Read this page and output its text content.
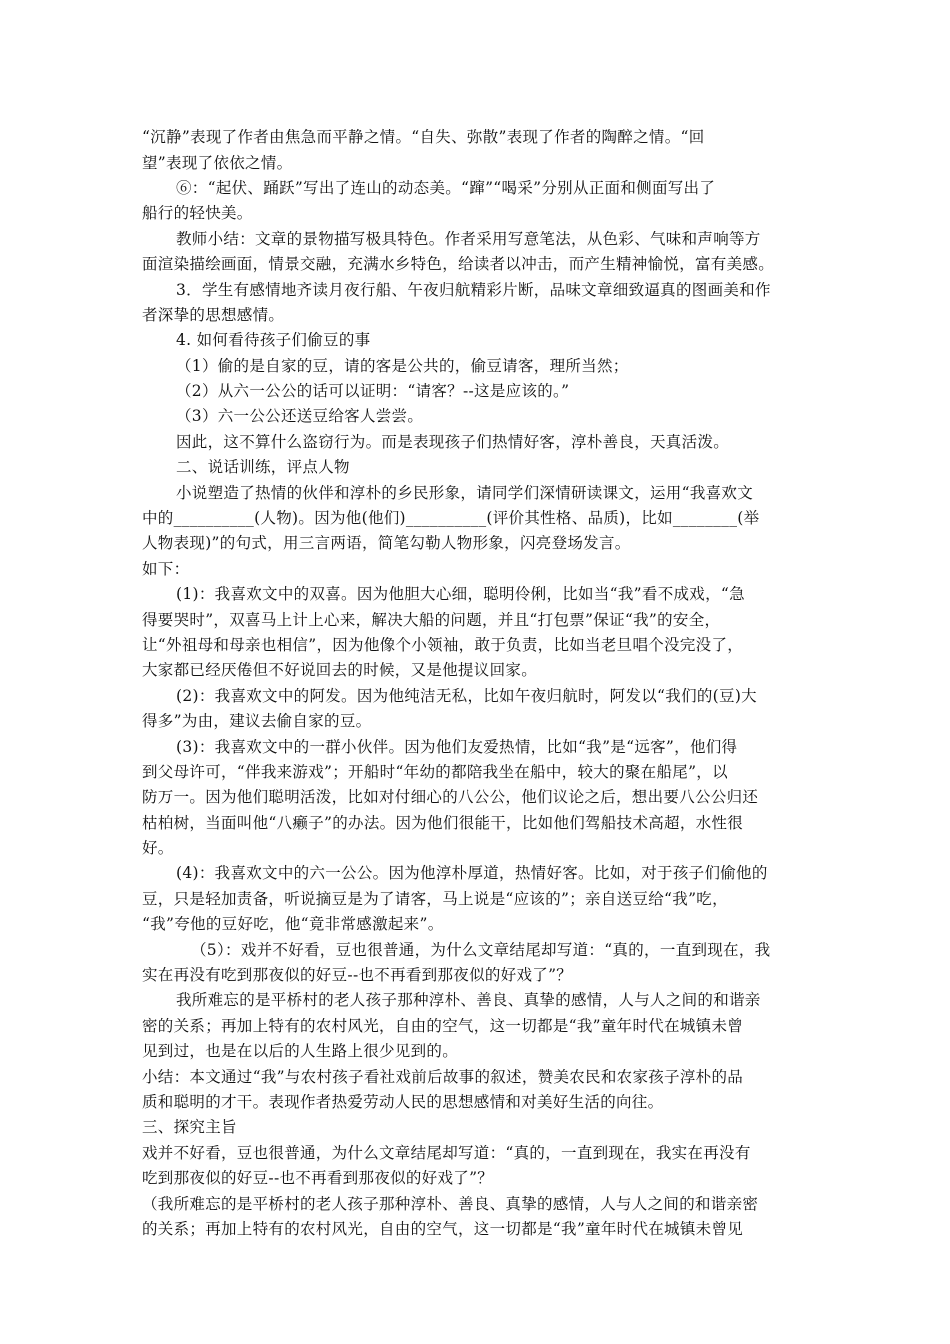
“沉静”表现了作者由焦急而平静之情。“自失、弥散”表现了作者的陶醉之情。“回
望”表现了依依之情。
⑥：“起伏、踊跃”写出了连山的动态美。“蹿”“喝采”分别从正面和侧面写出了
船行的轻快美。
教师小结：文章的景物描写极具特色。作者采用写意笔法，从色彩、气味和声响等方
面渲染描绘画面，情景交融，充满水乡特色，给读者以冲击，而产生精神愉悦，富有美感。
3．学生有感情地齐读月夜行船、午夜归航精彩片断，品味文章细致逼真的图画美和作
者深挚的思想感情。
4. 如何看待孩子们偷豆的事
（1）偷的是自家的豆，请的客是公共的，偷豆请客，理所当然；
（2）从六一公公的话可以证明：“请客？--这是应该的。”
（3）六一公公还送豆给客人尝尝。
因此，这不算什么盗窃行为。而是表现孩子们热情好客，淳朴善良，天真活泼。
二、说话训练，评点人物
小说塑造了热情的伙伴和淳朴的乡民形象，请同学们深情研读课文，运用“我喜欢文
中的__________(人物)。因为他(他们)__________(评价其性格、品质)，比如________(举
人物表现)”的句式，用三言两语，简笔勾勒人物形象，闪亮登场发言。
如下：
(1)：我喜欢文中的双喜。因为他胆大心细，聪明伶俐，比如当“我”看不成戏，“急
得要哭时”，双喜马上计上心来，解决大船的问题，并且“打包票”保证“我”的安全，
让“外祖母和母亲也相信”，因为他像个小领袖，敢于负责，比如当老旦唱个没完没了，
大家都已经厌倦但不好说回去的时候，又是他提议回家。
(2)：我喜欢文中的阿发。因为他纯洁无私，比如午夜归航时，阿发以“我们的(豆)大
得多”为由，建议去偷自家的豆。
(3)：我喜欢文中的一群小伙伴。因为他们友爱热情，比如“我”是“远客”，他们得
到父母许可，“伴我来游戏”；开船时“年幼的都陪我坐在船中，较大的聚在船尾”，以
防万一。因为他们聪明活泼，比如对付细心的八公公，他们议论之后，想出要八公公归还
枯柏树，当面叫他“八癞子”的办法。因为他们很能干，比如他们驾船技术高超，水性很
好。
(4)：我喜欢文中的六一公公。因为他淳朴厚道，热情好客。比如，对于孩子们偷他的
豆，只是轻加责备，听说摘豆是为了请客，马上说是“应该的”；亲自送豆给“我”吃，
“我”夸他的豆好吃，他“竟非常感激起来”。
（5）：戏并不好看，豆也很普通，为什么文章结尾却写道：“真的，一直到现在，我
实在再没有吃到那夜似的好豆--也不再看到那夜似的好戏了”？
我所难忘的是平桥村的老人孩子那种淳朴、善良、真挚的感情，人与人之间的和谐亲
密的关系；再加上特有的农村风光，自由的空气，这一切都是“我”童年时代在城镇未曾
见到过，也是在以后的人生路上很少见到的。
小结：本文通过“我”与农村孩子看社戏前后故事的叙述，赞美农民和农家孩子淳朴的品
质和聪明的才干。表现作者热爱劳动人民的思想感情和对美好生活的向往。
三、探究主旨
戏并不好看，豆也很普通，为什么文章结尾却写道：“真的，一直到现在，我实在再没有
吃到那夜似的好豆--也不再看到那夜似的好戏了”？
（我所难忘的是平桥村的老人孩子那种淳朴、善良、真挚的感情，人与人之间的和谐亲密
的关系；再加上特有的农村风光，自由的空气，这一切都是“我”童年时代在城镇未曾见
